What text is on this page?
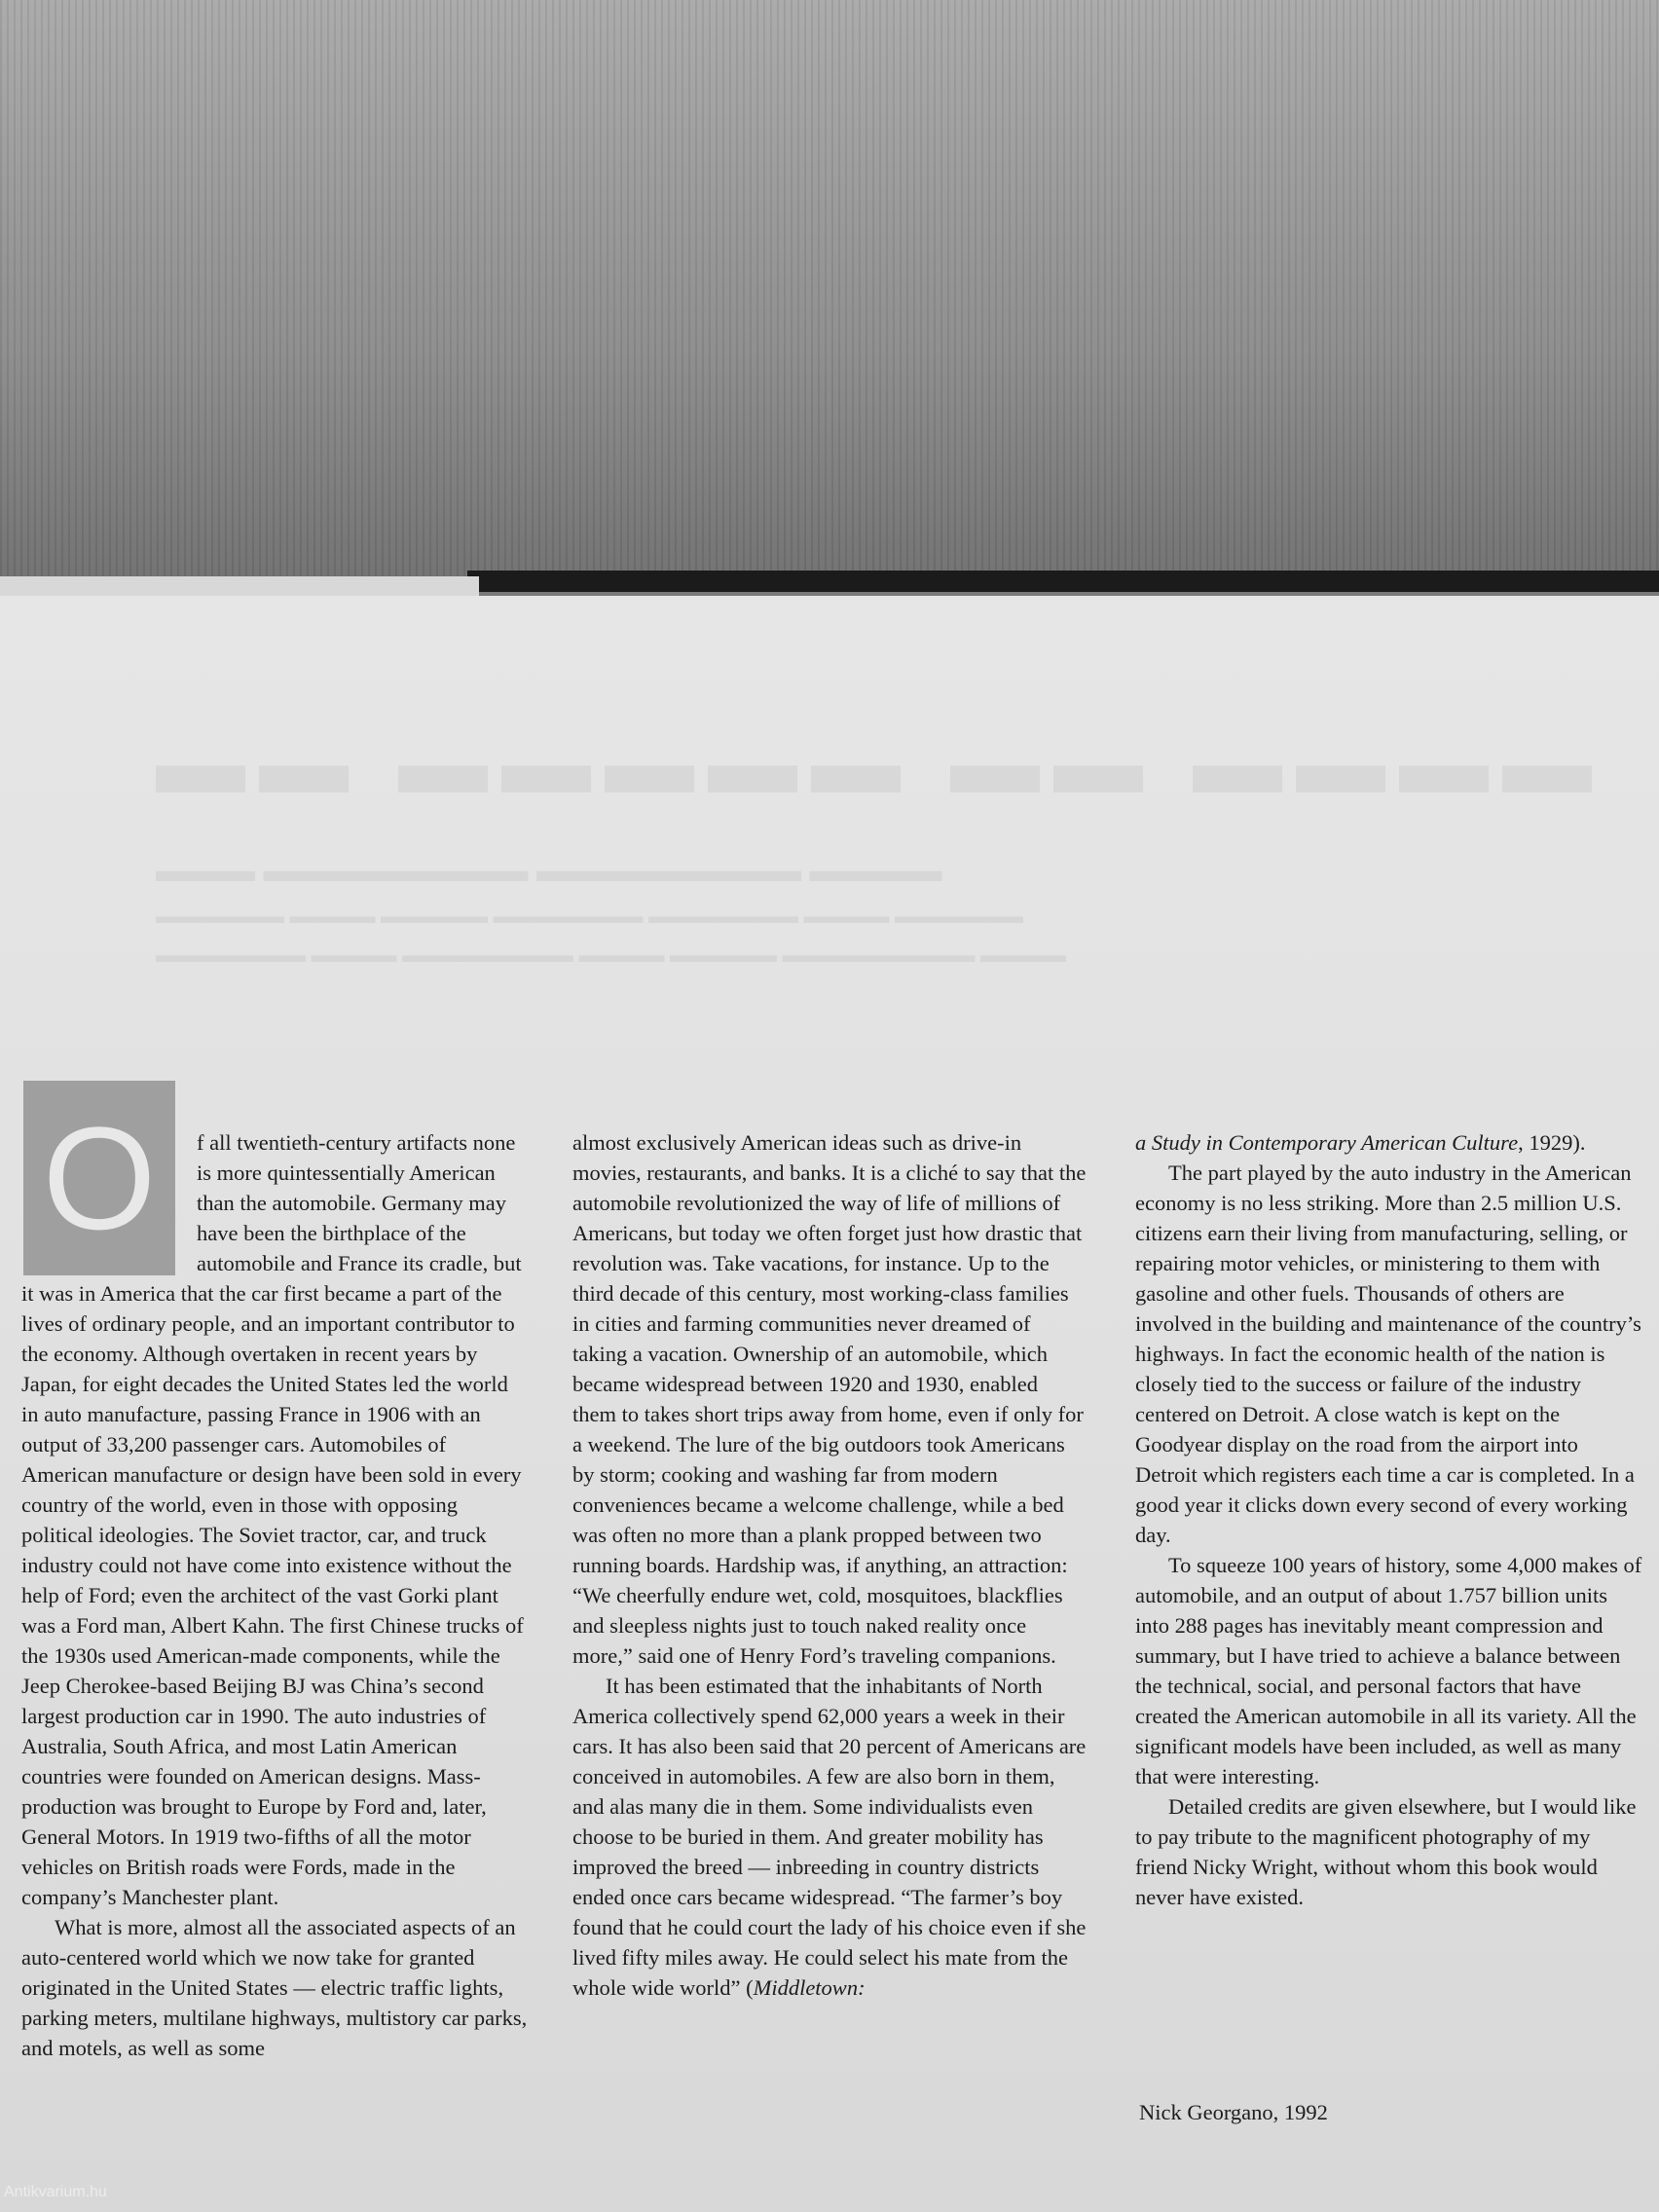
▬▬ ▬▬▬▬▬ ▬▬ ▬▬▬▬
▬▬▬ ▬▬▬▬▬▬▬▬ ▬▬▬▬▬▬▬▬ ▬▬▬▬
▬▬▬▬▬▬ ▬▬▬▬ ▬▬▬▬▬ ▬▬▬▬▬▬▬ ▬▬▬▬▬▬▬ ▬▬▬▬ ▬▬▬▬▬▬
▬▬▬▬▬▬▬ ▬▬▬▬ ▬▬▬▬▬▬▬▬ ▬▬▬▬ ▬▬▬▬▬ ▬▬▬▬▬▬▬▬▬ ▬▬▬▬
O	f all twentieth-century artifacts none is more quintessentially American than the automobile. Germany may have been the birthplace of the automobile and France its cradle, but it was in America that the car first became a part of the lives of ordinary people, and an important contributor to the economy. Although overtaken in recent years by Japan, for eight decades the United States led the world in auto manufacture, passing France in 1906 with an output of 33,200 passenger cars. Automobiles of American manufacture or design have been sold in every country of the world, even in those with opposing political ideologies. The Soviet tractor, car, and truck industry could not have come into existence without the help of Ford; even the architect of the vast Gorki plant was a Ford man, Albert Kahn. The first Chinese trucks of the 1930s used American-made components, while the Jeep Cherokee-based Beijing BJ was China’s second largest production car in 1990. The auto industries of Australia, South Africa, and most Latin American countries were founded on American designs. Mass-production was brought to Europe by Ford and, later, General Motors. In 1919 two-fifths of all the motor vehicles on British roads were Fords, made in the company’s Manchester plant.

What is more, almost all the associated aspects of an auto-centered world which we now take for granted originated in the United States — electric traffic lights, parking meters, multilane highways, multistory car parks, and motels, as well as some

almost exclusively American ideas such as drive-in movies, restaurants, and banks. It is a cliché to say that the automobile revolutionized the way of life of millions of Americans, but today we often forget just how drastic that revolution was. Take vacations, for instance. Up to the third decade of this century, most working-class families in cities and farming communities never dreamed of taking a vacation. Ownership of an automobile, which became widespread between 1920 and 1930, enabled them to takes short trips away from home, even if only for a weekend. The lure of the big outdoors took Americans by storm; cooking and washing far from modern conveniences became a welcome challenge, while a bed was often no more than a plank propped between two running boards. Hardship was, if anything, an attraction: “We cheerfully endure wet, cold, mosquitoes, blackflies and sleepless nights just to touch naked reality once more,” said one of Henry Ford’s traveling companions.

It has been estimated that the inhabitants of North America collectively spend 62,000 years a week in their cars. It has also been said that 20 percent of Americans are conceived in automobiles. A few are also born in them, and alas many die in them. Some individualists even choose to be buried in them. And greater mobility has improved the breed — inbreeding in country districts ended once cars became widespread. “The farmer’s boy found that he could court the lady of his choice even if she lived fifty miles away. He could select his mate from the whole wide world” (Middletown:

a Study in Contemporary American Culture, 1929).

The part played by the auto industry in the American economy is no less striking. More than 2.5 million U.S. citizens earn their living from manufacturing, selling, or repairing motor vehicles, or ministering to them with gasoline and other fuels. Thousands of others are involved in the building and maintenance of the country’s highways. In fact the economic health of the nation is closely tied to the success or failure of the industry centered on Detroit. A close watch is kept on the Goodyear display on the road from the airport into Detroit which registers each time a car is completed. In a good year it clicks down every second of every working day.

To squeeze 100 years of history, some 4,000 makes of automobile, and an output of about 1.757 billion units into 288 pages has inevitably meant compression and summary, but I have tried to achieve a balance between the technical, social, and personal factors that have created the American automobile in all its variety. All the significant models have been included, as well as many that were interesting.

Detailed credits are given elsewhere, but I would like to pay tribute to the magnificent photography of my friend Nicky Wright, without whom this book would never have existed.

Nick Georgano, 1992
Antikvarium.hu
